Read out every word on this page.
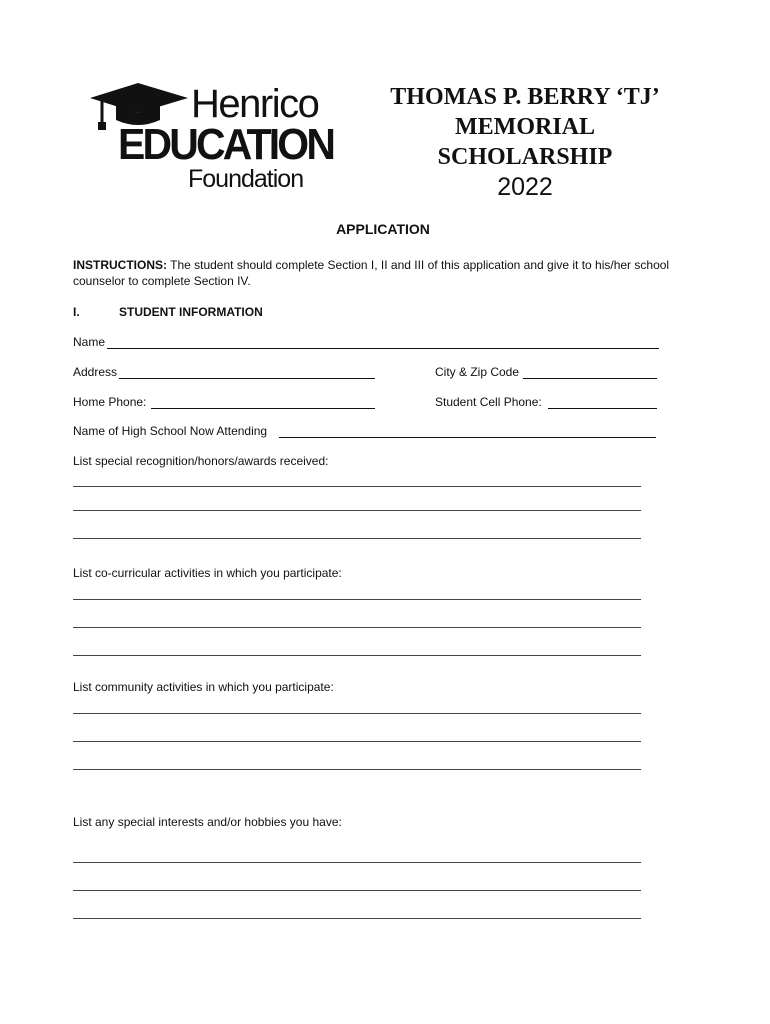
Henrico
EDUCATION
Foundation
THOMAS P. BERRY ‘TJ’
MEMORIAL
SCHOLARSHIP
2022
APPLICATION
INSTRUCTIONS: The student should complete Section I, II and III of this application and give it to his/her school counselor to complete Section IV.
I.	STUDENT INFORMATION
Name
Address	City & Zip Code
Home Phone:	Student Cell Phone:
Name of High School Now Attending
List special recognition/honors/awards received:
List co-curricular activities in which you participate:
List community activities in which you participate:
List any special interests and/or hobbies you have:
